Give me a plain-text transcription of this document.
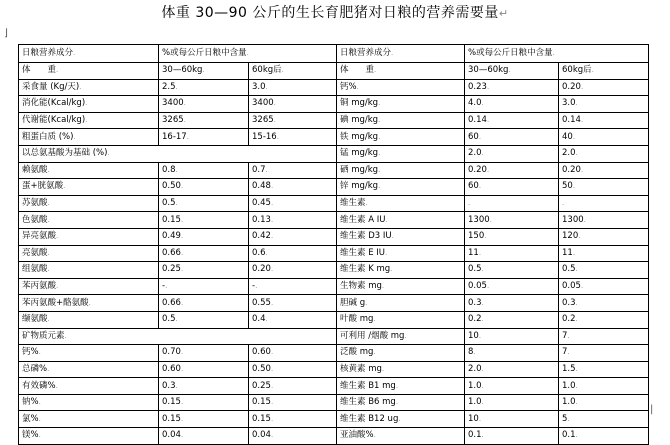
体重 30—90 公斤的生长育肥猪对日粮的营养需要量↵
⌋
日粮营养成分.	%或每公斤日粮中含量.		日粮营养成分.	%或每公斤日粮中含量.	
体　　重.	30—60kg.	60kg后.	体　　重.	30—60kg.	60kg后.
采食量 (Kg/天).	2.5.	3.0.	钙%.	0.23.	0.20.
消化能(Kcal/kg).	3400.	3400.	铜 mg/kg.	4.0.	3.0.
代谢能(Kcal/kg).	3265.	3265.	碘 mg/kg.	0.14.	0.14.
粗蛋白质 (%).	16-17.	15-16.	铁 mg/kg.	60.	40.
以总氨基酸为基础 (%).			锰 mg/kg.	2.0.	2.0.
赖氨酸.	0.8.	0.7.	硒 mg/kg.	0.20.	0.20.
蛋+胱氨酸.	0.50.	0.48.	锌 mg/kg.	60.	50.
苏氨酸.	0.5.	0.45.	维生素.	.	.
色氨酸.	0.15.	0.13.	维生素 A IU.	1300.	1300.
异亮氨酸.	0.49.	0.42.	维生素 D3 IU.	150.	120.
亮氨酸.	0.66.	0.6.	维生素 E IU.	11.	11.
组氨酸.	0.25.	0.20.	维生素 K mg.	0.5.	0.5.
苯丙氨酸.	-.	-.	生物素 mg.	0.05.	0.05.
苯丙氨酸+酪氨酸.	0.66.	0.55.	胆碱 g.	0.3.	0.3.
缬氨酸.	0.5.	0.4.	叶酸 mg.	0.2.	0.2.
矿物质元素.			可利用 /烟酸 mg.	10.	7.
钙%.	0.70.	0.60.	泛酸 mg.	8.	7.
总磷%.	0.60.	0.50.	核黄素 mg.	2.0.	1.5.
有效磷%.	0.3.	0.25.	维生素 B1 mg.	1.0.	1.0.
钠%.	0.15.	0.15.	维生素 B6 mg.	1.0.	1.0.
氯%.	0.15.	0.15.	维生素 B12 ug.	10.	5.
镁%.	0.04.	0.04.	亚油酸%.	0.1.	0.1.
|
